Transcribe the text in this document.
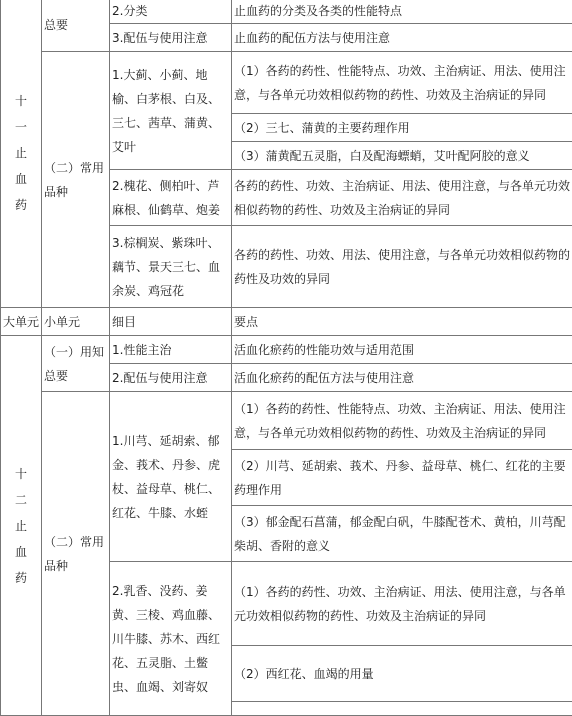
十一止血药	总要	2.分类	止血药的分类及各类的性能特点
		3.配伍与使用注意	止血药的配伍方法与使用注意
	（二）常用品种	1.大蓟、小蓟、地榆、白茅根、白及、三七、茜草、蒲黄、艾叶	（1）各药的药性、性能特点、功效、主治病证、用法、使用注意，与各单元功效相似药物的药性、功效及主治病证的异同
			（2）三七、蒲黄的主要药理作用
			（3）蒲黄配五灵脂，白及配海螵蛸，艾叶配阿胶的意义
		2.槐花、侧柏叶、芦麻根、仙鹤草、炮姜	各药的药性、功效、主治病证、用法、使用注意，与各单元功效相似药物的药性、功效及主治病证的异同
		3.棕榈炭、紫珠叶、藕节、景天三七、血余炭、鸡冠花	各药的药性、功效、用法、使用注意，与各单元功效相似药物的药性及功效的异同
大单元	小单元	细目	要点
十二止血药	（一）用知总要	1.性能主治	活血化瘀药的性能功效与适用范围
		2.配伍与使用注意	活血化瘀药的配伍方法与使用注意
	（二）常用品种	1.川芎、延胡索、郁金、莪术、丹参、虎杖、益母草、桃仁、红花、牛膝、水蛭	（1）各药的药性、性能特点、功效、主治病证、用法、使用注意，与各单元功效相似药物的药性、功效及主治病证的异同
			（2）川芎、延胡索、莪术、丹参、益母草、桃仁、红花的主要药理作用
			（3）郁金配石菖蒲，郁金配白矾，牛膝配苍术、黄柏，川芎配柴胡、香附的意义
		2.乳香、没药、姜黄、三棱、鸡血藤、川牛膝、苏木、西红花、五灵脂、土鳖虫、血竭、刘寄奴	（1）各药的药性、功效、主治病证、用法、使用注意，与各单元功效相似药物的药性、功效及主治病证的异同
			（2）西红花、血竭的用量
